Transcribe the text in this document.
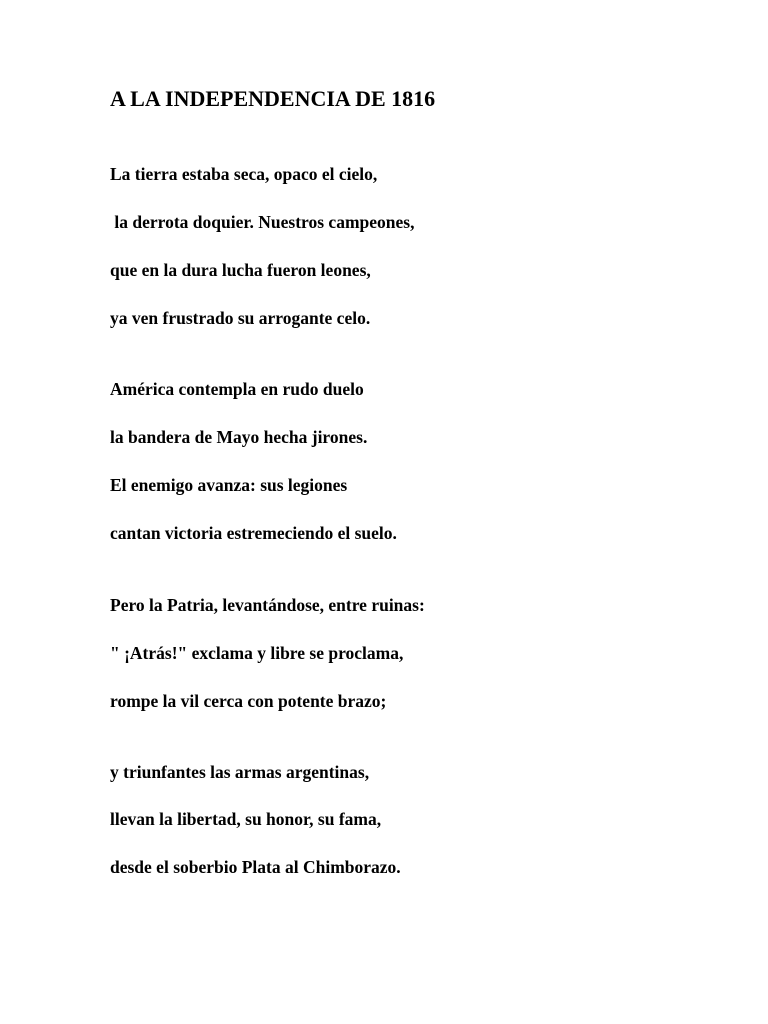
A LA INDEPENDENCIA DE 1816

La tierra estaba seca, opaco el cielo,

la derrota doquier. Nuestros campeones,

que en la dura lucha fueron leones,

ya ven frustrado su arrogante celo.

América contempla en rudo duelo

la bandera de Mayo hecha jirones.

El enemigo avanza: sus legiones

cantan victoria estremeciendo el suelo.

Pero la Patria, levantándose, entre ruinas:

" ¡Atrás!" exclama y libre se proclama,

rompe la vil cerca con potente brazo;

y triunfantes las armas argentinas,

llevan la libertad, su honor, su fama,

desde el soberbio Plata al Chimborazo.
